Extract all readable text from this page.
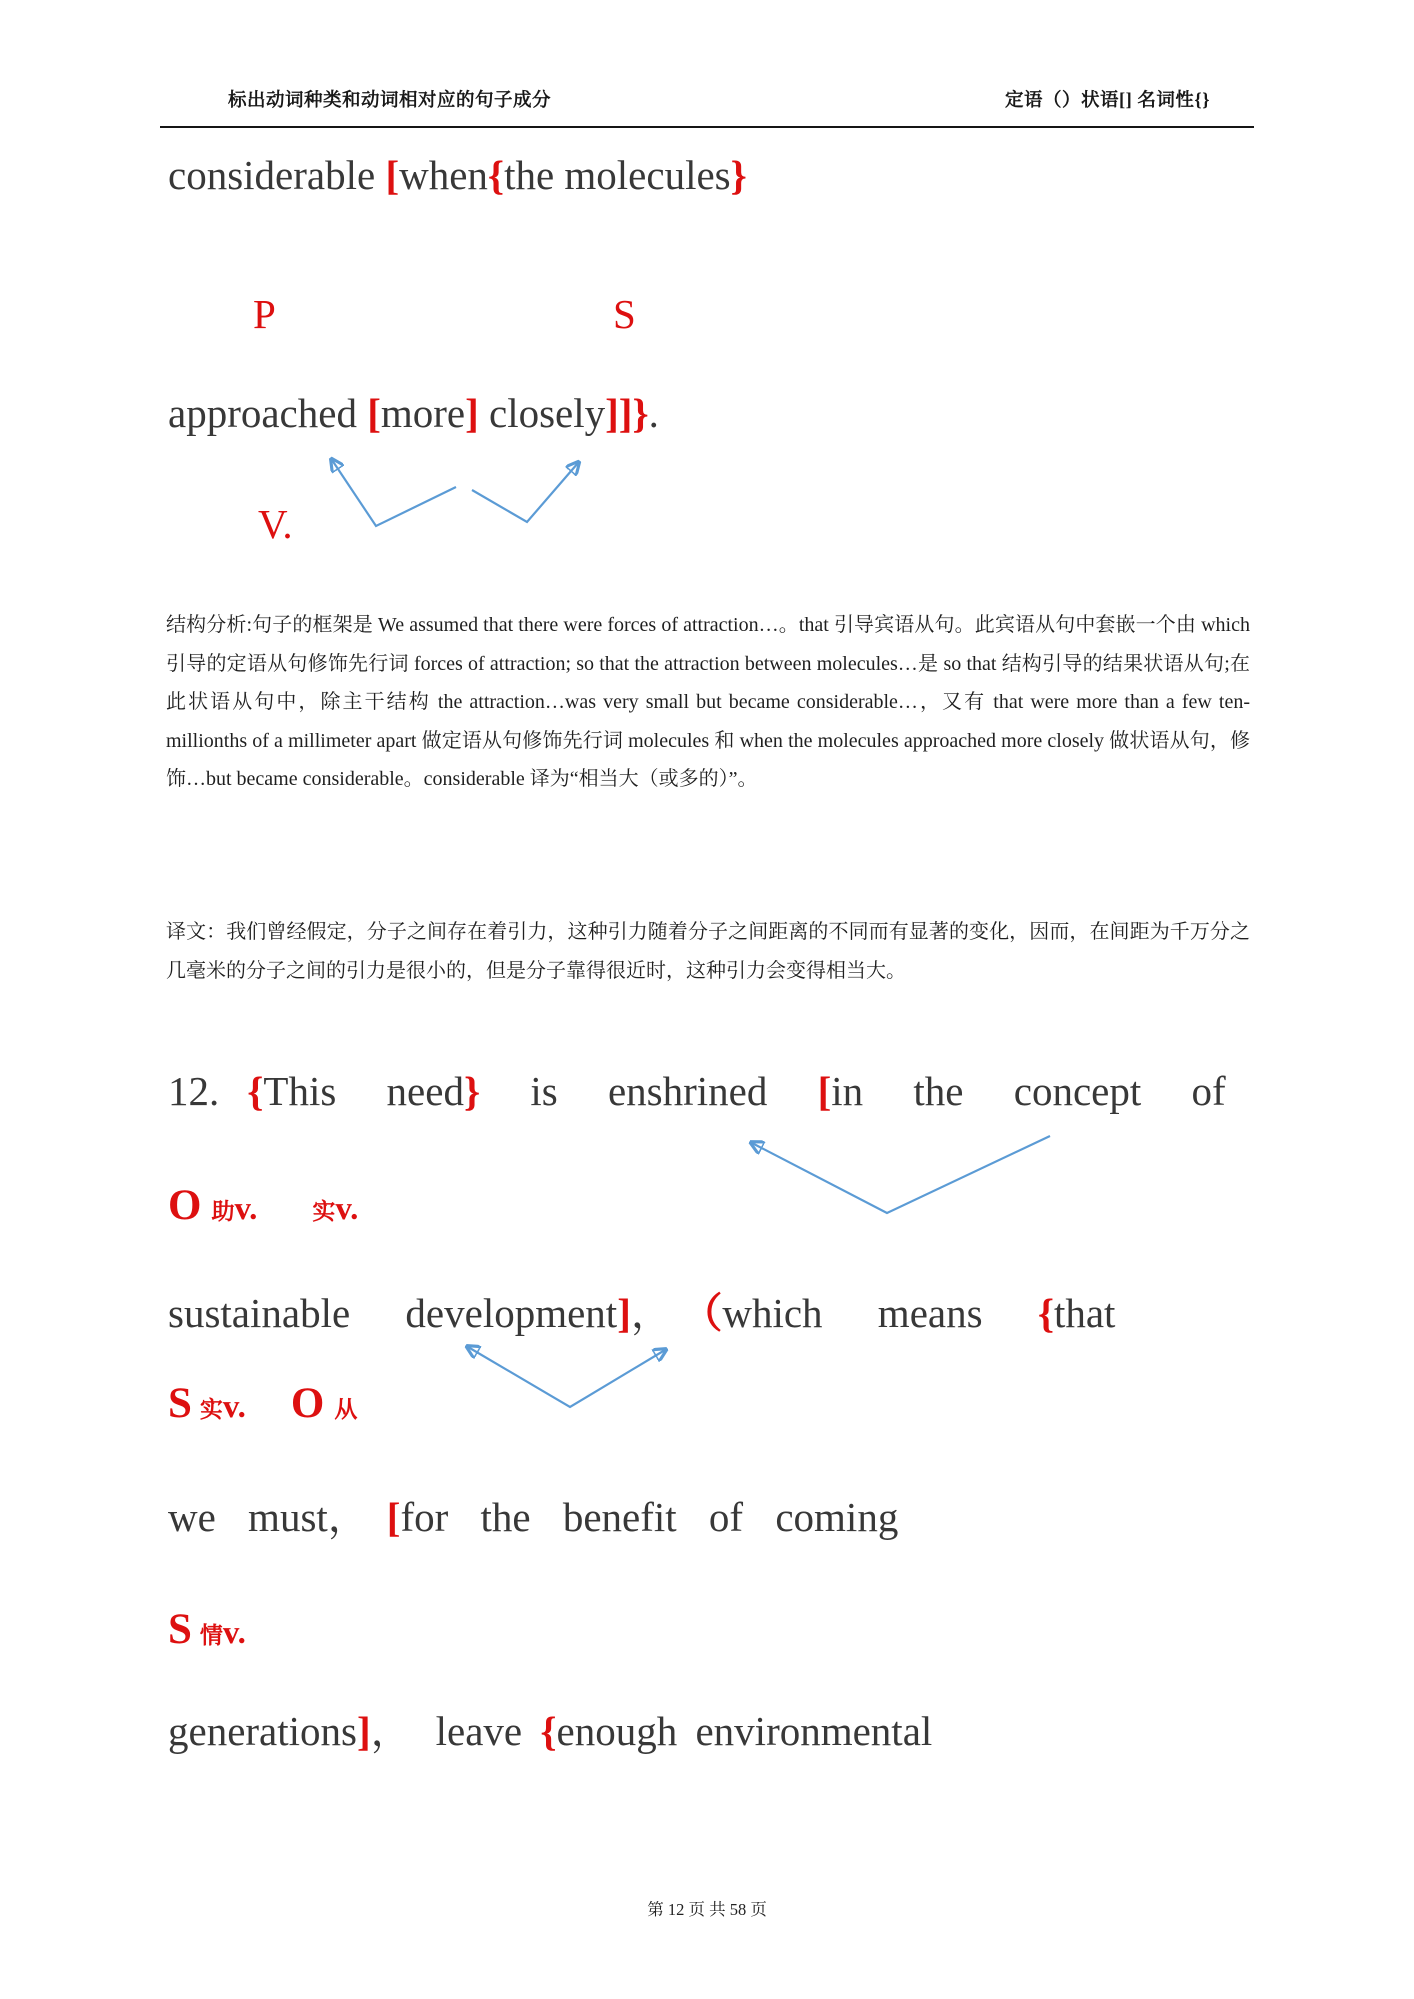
标出动词种类和动词相对应的句子成分	定语（）状语[] 名词性{}
considerable [when{the molecules}
P	S
approached [more] closely]]}.
V.
结构分析:句子的框架是 We assumed that there were forces of attraction…。that 引导宾语从句。此宾语从句中套嵌一个由 which 引导的定语从句修饰先行词 forces of attraction; so that the attraction between molecules…是 so that 结构引导的结果状语从句;在此状语从句中，除主干结构 the attraction…was very small but became considerable…，又有 that were more than a few ten-millionths of a millimeter apart 做定语从句修饰先行词 molecules 和 when the molecules approached more closely 做状语从句，修饰…but became considerable。considerable 译为“相当大（或多的）”。
译文：我们曾经假定，分子之间存在着引力，这种引力随着分子之间距离的不同而有显著的变化，因而，在间距为千万分之几毫米的分子之间的引力是很小的，但是分子靠得很近时，这种引力会变得相当大。
12. {This need} is enshrined [in the concept of
O助v. 实v.
sustainable development]， （which means {that
S实v. O 从
we must， [for the benefit of coming
S情v.
generations]， leave {enough environmental
第 12 页 共 58 页
